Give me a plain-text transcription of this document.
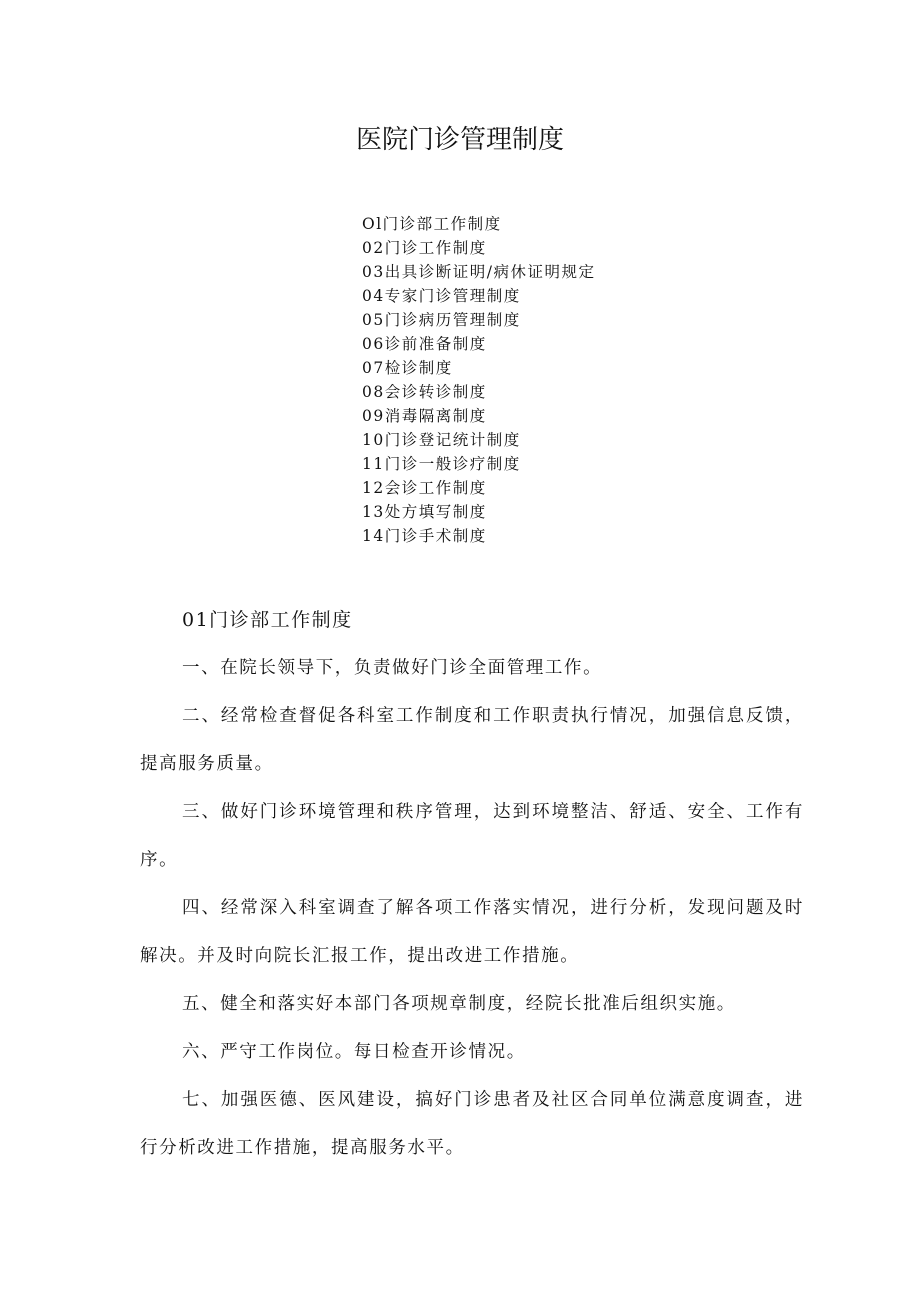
医院门诊管理制度
Ol门诊部工作制度
02门诊工作制度
03出具诊断证明/病休证明规定
04专家门诊管理制度
05门诊病历管理制度
06诊前准备制度
07检诊制度
08会诊转诊制度
09消毒隔离制度
10门诊登记统计制度
11门诊一般诊疗制度
12会诊工作制度
13处方填写制度
14门诊手术制度
01门诊部工作制度

一、在院长领导下，负责做好门诊全面管理工作。

二、经常检查督促各科室工作制度和工作职责执行情况，加强信息反馈，提高服务质量。

三、做好门诊环境管理和秩序管理，达到环境整洁、舒适、安全、工作有序。

四、经常深入科室调查了解各项工作落实情况，进行分析，发现问题及时解决。并及时向院长汇报工作，提出改进工作措施。

五、健全和落实好本部门各项规章制度，经院长批准后组织实施。

六、严守工作岗位。每日检查开诊情况。

七、加强医德、医风建设，搞好门诊患者及社区合同单位满意度调查，进行分析改进工作措施，提高服务水平。
